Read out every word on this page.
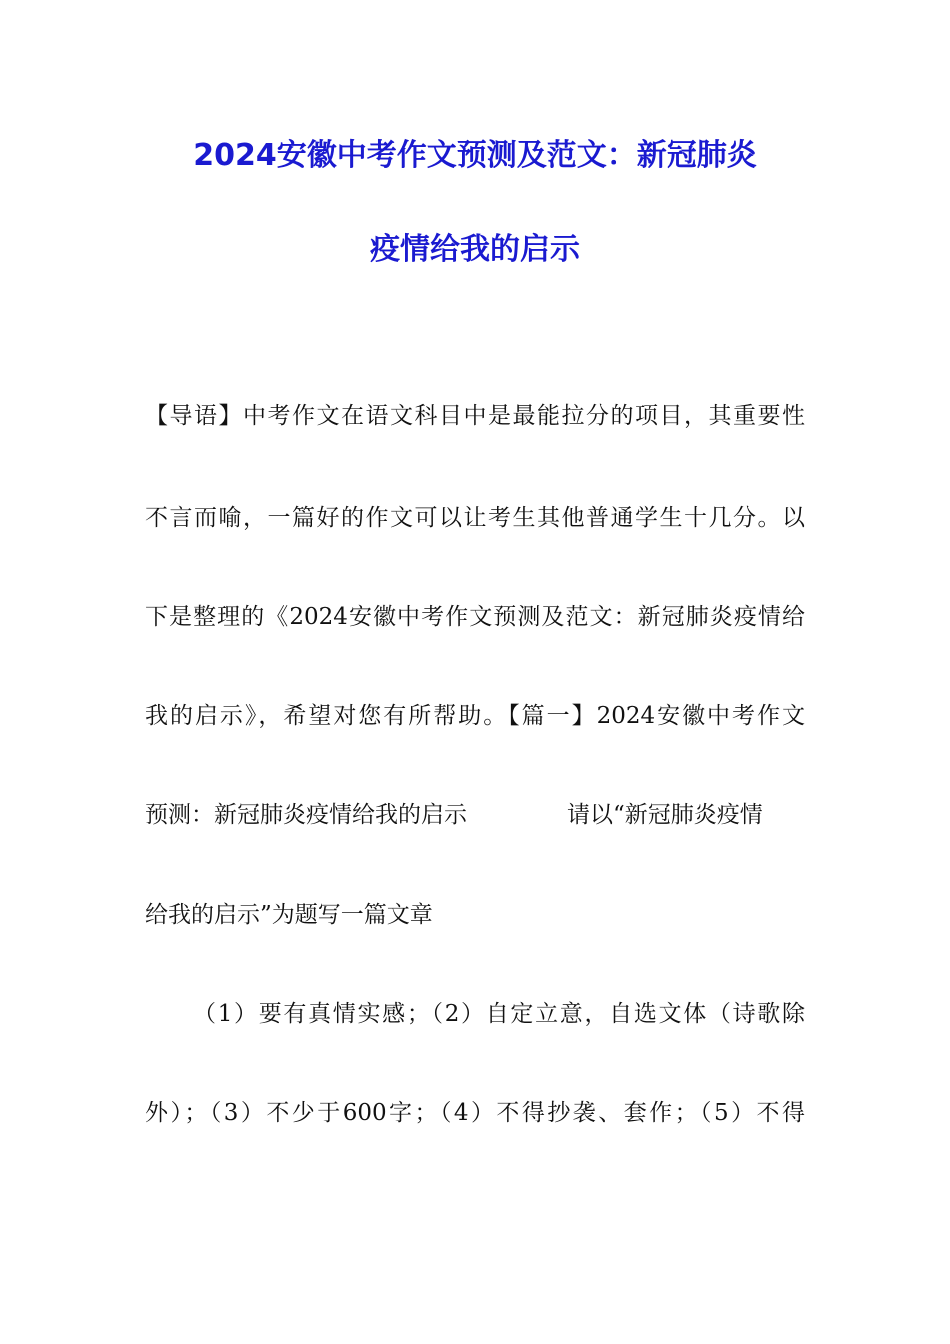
2024安徽中考作文预测及范文：新冠肺炎
疫情给我的启示
【导语】中考作文在语文科目中是最能拉分的项目，其重要性
不言而喻，一篇好的作文可以让考生其他普通学生十几分。以
下是整理的《2024安徽中考作文预测及范文：新冠肺炎疫情给
我的启示》，希望对您有所帮助。【篇一】2024安徽中考作文
预测：新冠肺炎疫情给我的启示	请以“新冠肺炎疫情
给我的启示”为题写一篇文章
（1）要有真情实感；（2）自定立意，自选文体（诗歌除
外）；（3）不少于600字；（4）不得抄袭、套作；（5）不得
